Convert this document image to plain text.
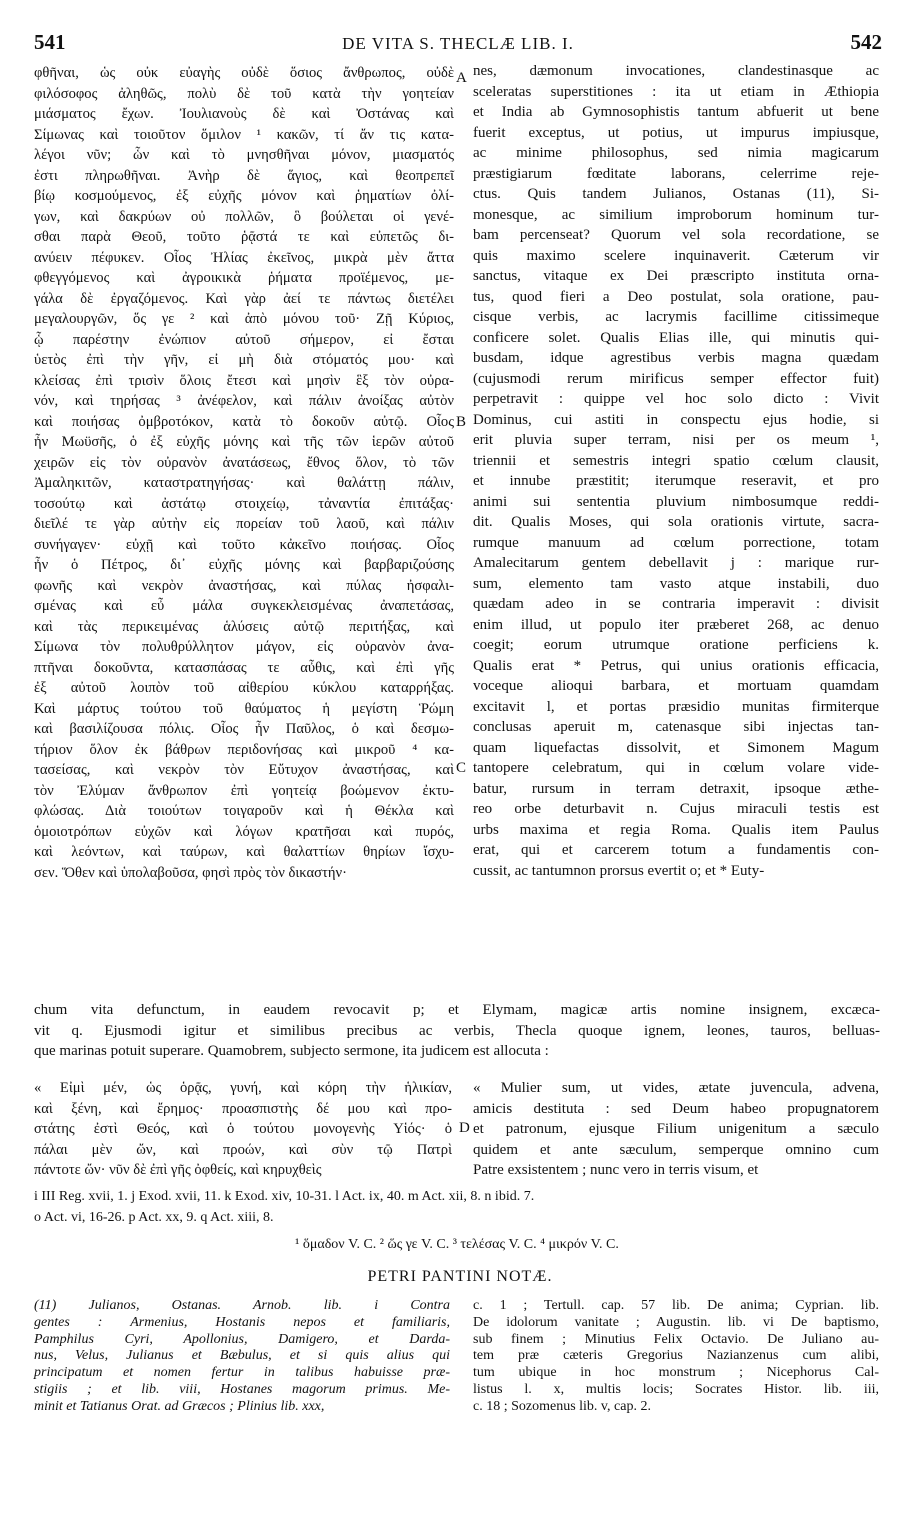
541	DE VITA S. THECLÆ LIB. I.	542
φθῆναι, ὡς οὐκ εὐαγὴς οὐδὲ ὅσιος ἄνθρωπος, οὐδὲ
φιλόσοφος ἀληθῶς, πολὺ δὲ τοῦ κατὰ τὴν γοητείαν
μιάσματος ἔχων. Ἰουλιανοὺς δὲ καὶ Ὀστάνας καὶ
Σίμωνας καὶ τοιοῦτον ὅμιλον ¹ κακῶν, τί ἄν τις κατα-
λέγοι νῦν; ὧν καὶ τὸ μνησθῆναι μόνον, μιασματός
ἐστι πληρωθῆναι. Ἀνὴρ δὲ ἅγιος, καὶ θεοπρεπεῖ
βίῳ κοσμούμενος, ἐξ εὐχῆς μόνον καὶ ῥηματίων ὀλί-
γων, καὶ δακρύων οὐ πολλῶν, ὃ βούλεται οἱ γενέ-
σθαι παρὰ Θεοῦ, τοῦτο ῥᾷστά τε καὶ εὐπετῶς δι-
ανύειν πέφυκεν. Οἷος Ἠλίας ἐκεῖνος, μικρὰ μὲν ἄττα
φθεγγόμενος καὶ ἀγροικικὰ ῥήματα προϊέμενος, με-
γάλα δὲ ἐργαζόμενος. Καὶ γὰρ ἀεί τε πάντως διετέλει
μεγαλουργῶν, ὅς γε ² καὶ ἀπὸ μόνου τοῦ· Ζῇ Κύριος,
ᾧ παρέστην ἐνώπιον αὐτοῦ σήμερον, εἰ ἔσται
ὑετὸς ἐπὶ τὴν γῆν, εἰ μὴ διὰ στόματός μου· καὶ
κλείσας ἐπὶ τρισὶν ὅλοις ἔτεσι καὶ μησὶν ἓξ τὸν οὐρα-
νόν, καὶ τηρήσας ³ ἀνέφελον, καὶ πάλιν ἀνοίξας αὐτὸν
καὶ ποιήσας ὀμβροτόκον, κατὰ τὸ δοκοῦν αὐτῷ. Οἷος
ἦν Μωϋσῆς, ὁ ἐξ εὐχῆς μόνης καὶ τῆς τῶν ἱερῶν αὐτοῦ
χειρῶν εἰς τὸν οὐρανὸν ἀνατάσεως, ἔθνος ὅλον, τὸ τῶν
Ἀμαληκιτῶν, καταστρατηγήσας· καὶ θαλάττῃ πάλιν,
τοσούτῳ καὶ ἀστάτῳ στοιχείῳ, τἀναντία ἐπιτάξας·
διεῖλέ τε γὰρ αὐτὴν εἰς πορείαν τοῦ λαοῦ, καὶ πάλιν
συνήγαγεν· εὐχῇ καὶ τοῦτο κἀκεῖνο ποιήσας. Οἷος
ἦν ὁ Πέτρος, δι᾽ εὐχῆς μόνης καὶ βαρβαριζούσης
φωνῆς καὶ νεκρὸν ἀναστήσας, καὶ πύλας ἠσφαλι-
σμένας καὶ εὖ μάλα συγκεκλεισμένας ἀναπετάσας,
καὶ τὰς περικειμένας ἁλύσεις αὐτῷ περιτήξας, καὶ
Σίμωνα τὸν πολυθρύλλητον μάγον, εἰς οὐρανὸν ἀνα-
πτῆναι δοκοῦντα, κατασπάσας τε αὖθις, καὶ ἐπὶ γῆς
ἐξ αὐτοῦ λοιπὸν τοῦ αἰθερίου κύκλου καταρρήξας.
Καὶ μάρτυς τούτου τοῦ θαύματος ἡ μεγίστη Ῥώμη
καὶ βασιλίζουσα πόλις. Οἷος ἦν Παῦλος, ὁ καὶ δεσμω-
τήριον ὅλον ἐκ βάθρων περιδονήσας καὶ μικροῦ ⁴ κα-
τασείσας, καὶ νεκρὸν τὸν Εὔτυχον ἀναστήσας, καὶ
τὸν Ἐλύμαν ἄνθρωπον ἐπὶ γοητείᾳ βοώμενον ἐκτυ-
φλώσας. Διὰ τοιούτων τοιγαροῦν καὶ ἡ Θέκλα καὶ
ὁμοιοτρόπων εὐχῶν καὶ λόγων κρατῆσαι καὶ πυρός,
καὶ λεόντων, καὶ ταύρων, καὶ θαλαττίων θηρίων ἴσχυ-
σεν. Ὅθεν καὶ ὑπολαβοῦσα, φησὶ πρὸς τὸν δικαστήν·
nes, dæmonum invocationes, clandestinasque ac
sceleratas superstitiones : ita ut etiam in Æthiopia
et India ab Gymnosophistis tantum abfuerit ut bene
fuerit exceptus, ut potius, ut impurus impiusque,
ac minime philosophus, sed nimia magicarum
præstigiarum fœditate laborans, celerrime reje-
ctus. Quis tandem Julianos, Ostanas (11), Si-
monesque, ac similium improborum hominum tur-
bam percenseat? Quorum vel sola recordatione, se
quis maximo scelere inquinaverit. Cæterum vir
sanctus, vitaque ex Dei præscripto instituta orna-
tus, quod fieri a Deo postulat, sola oratione, pau-
cisque verbis, ac lacrymis facillime citissimeque
conficere solet. Qualis Elias ille, qui minutis qui-
busdam, idque agrestibus verbis magna quædam
(cujusmodi rerum mirificus semper effector fuit)
perpetravit : quippe vel hoc solo dicto : Vivit
Dominus, cui astiti in conspectu ejus hodie, si
erit pluvia super terram, nisi per os meum ¹,
triennii et semestris integri spatio cœlum clausit,
et innube præstitit; iterumque reseravit, et pro
animi sui sententia pluvium nimbosumque reddi-
dit. Qualis Moses, qui sola orationis virtute, sacra-
rumque manuum ad cœlum porrectione, totam
Amalecitarum gentem debellavit j : marique rur-
sum, elemento tam vasto atque instabili, duo
quædam adeo in se contraria imperavit : divisit
enim illud, ut populo iter præberet 268, ac denuo
coegit; eorum utrumque oratione perficiens k.
Qualis erat * Petrus, qui unius orationis efficacia,
voceque alioqui barbara, et mortuam quamdam
excitavit l, et portas præsidio munitas firmiterque
conclusas aperuit m, catenasque sibi injectas tan-
quam liquefactas dissolvit, et Simonem Magum
tantopere celebratum, qui in cœlum volare vide-
batur, rursum in terram detraxit, ipsoque æthe-
reo orbe deturbavit n. Cujus miraculi testis est
urbs maxima et regia Roma. Qualis item Paulus
erat, qui et carcerem totum a fundamentis con-
cussit, ac tantumnon prorsus evertit o; et * Euty-
A
B
C
D
chum vita defunctum, in eaudem revocavit p; et Elymam, magicæ artis nomine insignem, excæca-
vit q. Ejusmodi igitur et similibus precibus ac verbis, Thecla quoque ignem, leones, tauros, belluas-
que marinas potuit superare. Quamobrem, subjecto sermone, ita judicem est allocuta :
« Εἰμὶ μέν, ὡς ὁρᾷς, γυνή, καὶ κόρη τὴν ἡλικίαν,
καὶ ξένη, καὶ ἔρημος· προασπιστὴς δέ μου καὶ προ-
στάτης ἐστὶ Θεός, καὶ ὁ τούτου μονογενὴς Υἱός· ὁ
πάλαι μὲν ὤν, καὶ προών, καὶ σὺν τῷ Πατρὶ
πάντοτε ὤν· νῦν δὲ ἐπὶ γῆς ὀφθείς, καὶ κηρυχθεὶς
« Mulier sum, ut vides, ætate juvencula, advena,
amicis destituta : sed Deum habeo propugnatorem
et patronum, ejusque Filium unigenitum a sæculo
quidem et ante sæculum, semperque omnino cum
Patre exsistentem ; nunc vero in terris visum, et
i III Reg. xvii, 1. j Exod. xvii, 11. k Exod. xiv, 10-31. l Act. ix, 40. m Act. xii, 8. n ibid. 7.
o Act. vi, 16-26. p Act. xx, 9. q Act. xiii, 8.
¹ ὅμαδον V. C. ² ὥς γε V. C. ³ τελέσας V. C. ⁴ μικρόν V. C.
PETRI PANTINI NOTÆ.
(11) Julianos, Ostanas. Arnob. lib. i Contra
gentes : Armenius, Hostanis nepos et familiaris,
Pamphilus Cyri, Apollonius, Damigero, et Darda-
nus, Velus, Julianus et Bæbulus, et si quis alius qui
principatum et nomen fertur in talibus habuisse præ-
stigiis ; et lib. viii, Hostanes magorum primus. Me-
minit et Tatianus Orat. ad Græcos ; Plinius lib. xxx,
c. 1 ; Tertull. cap. 57 lib. De anima; Cyprian. lib.
De idolorum vanitate ; Augustin. lib. vi De baptismo,
sub finem ; Minutius Felix Octavio. De Juliano au-
tem præ cæteris Gregorius Nazianzenus cum alibi,
tum ubique in hoc monstrum ; Nicephorus Cal-
listus l. x, multis locis; Socrates Histor. lib. iii,
c. 18 ; Sozomenus lib. v, cap. 2.
